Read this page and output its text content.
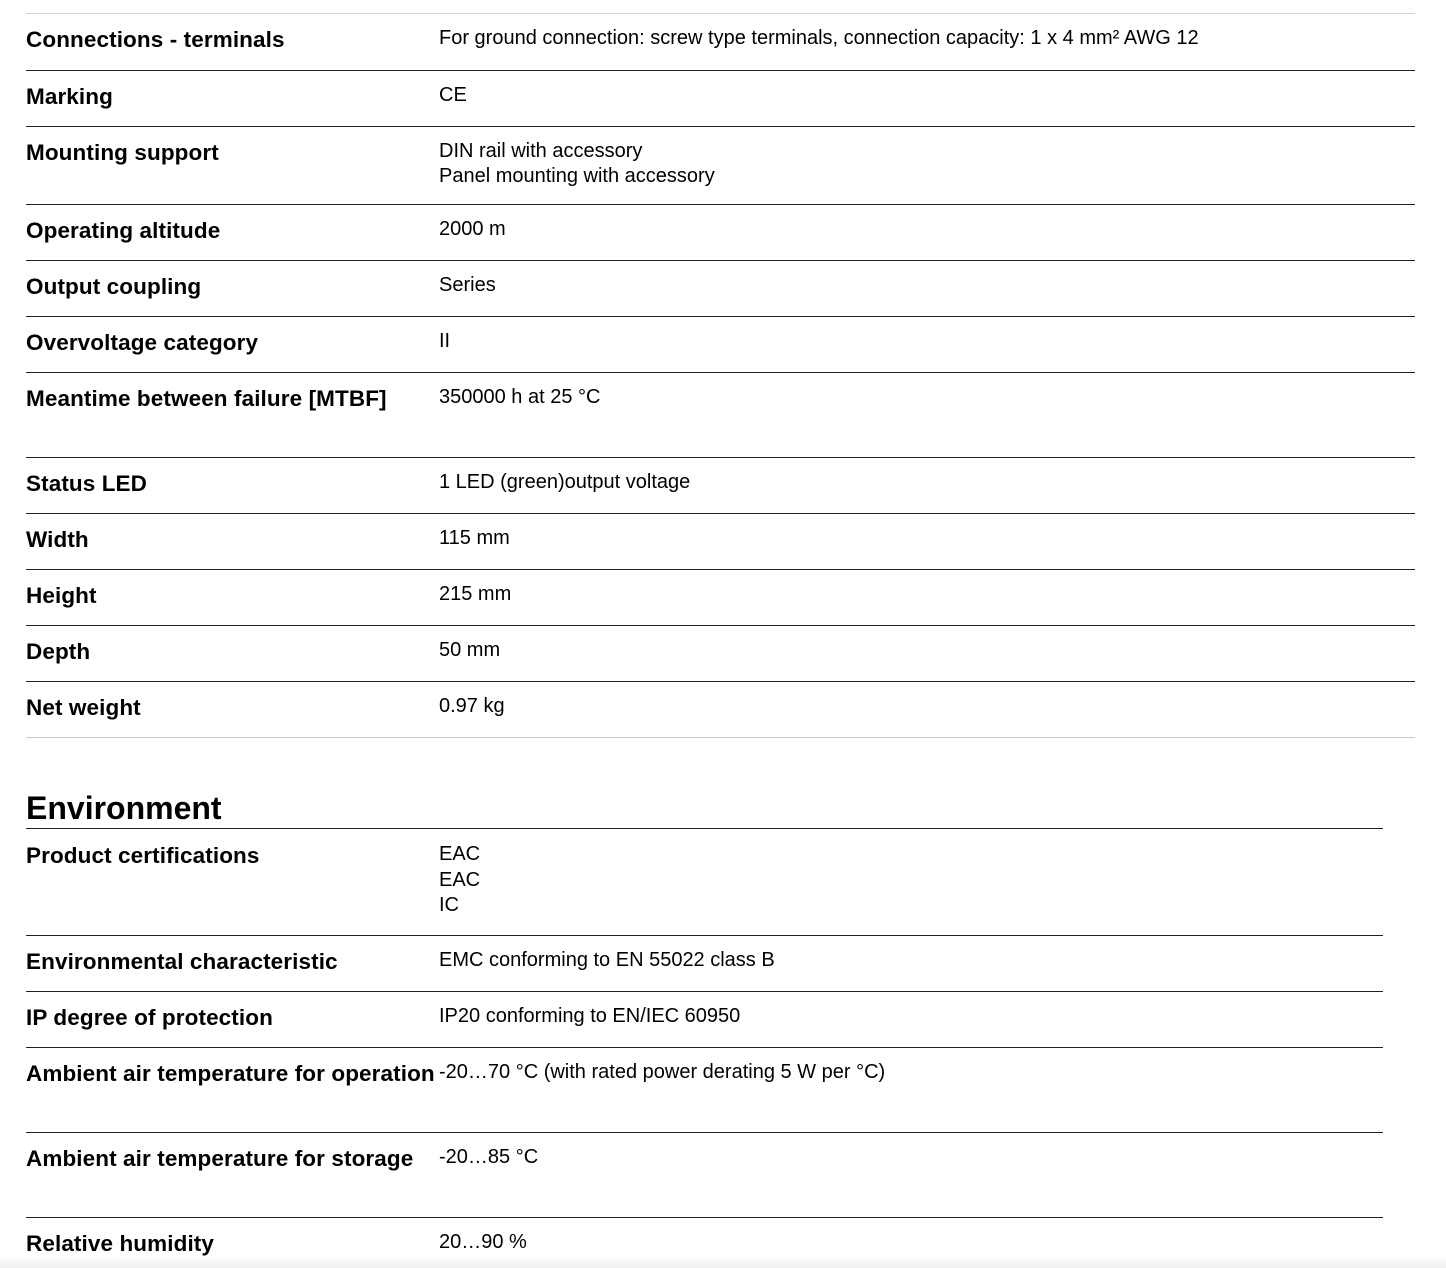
Connections - terminals	For ground connection: screw type terminals, connection capacity: 1 x 4 mm² AWG 12

Marking	CE

Mounting support	DIN rail with accessory
Panel mounting with accessory

Operating altitude	2000 m

Output coupling	Series

Overvoltage category	II

Meantime between failure [MTBF]	350000 h at 25 °C

Status LED	1 LED (green)output voltage

Width	115 mm

Height	215 mm

Depth	50 mm

Net weight	0.97 kg
Environment
Product certifications	EAC
EAC
IC

Environmental characteristic	EMC conforming to EN 55022 class B

IP degree of protection	IP20 conforming to EN/IEC 60950

Ambient air temperature for operation	-20…70 °C (with rated power derating 5 W per °C)

Ambient air temperature for storage	-20…85 °C

Relative humidity	20…90 %
